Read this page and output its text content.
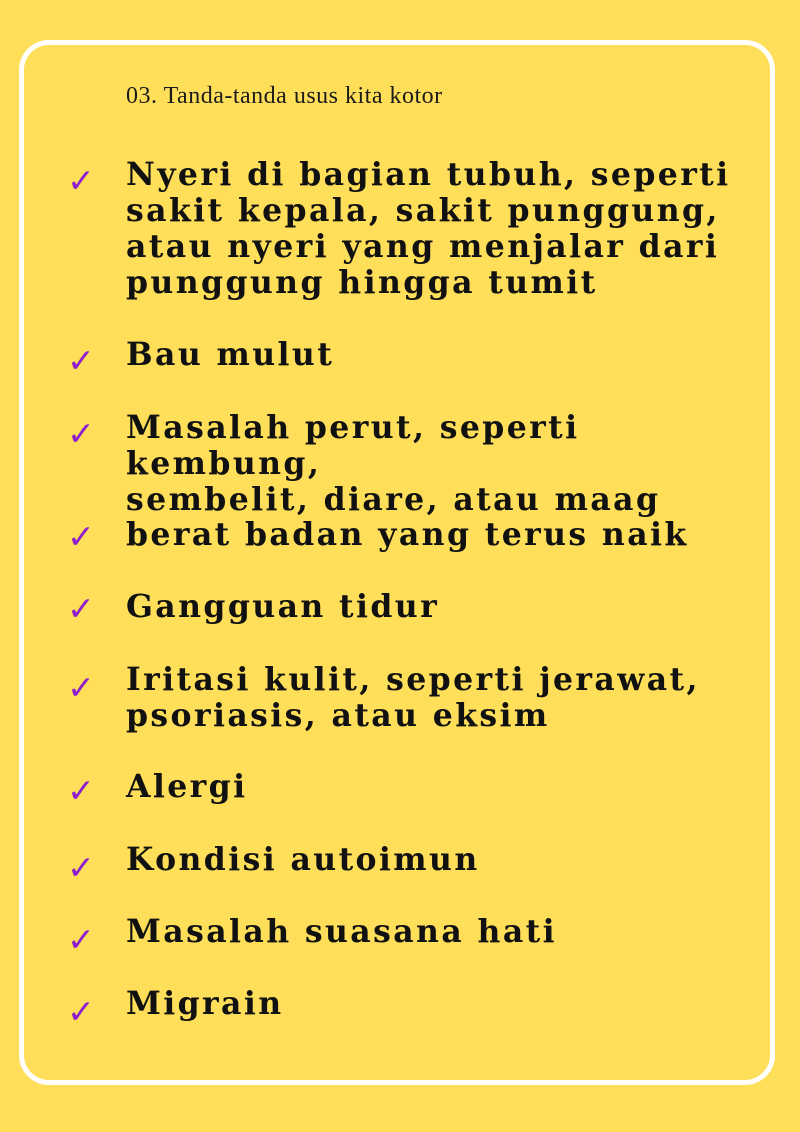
03. Tanda-tanda usus kita kotor
✓ Nyeri di bagian tubuh, seperti
sakit kepala, sakit punggung,
atau nyeri yang menjalar dari
punggung hingga tumit

✓ Bau mulut

✓ Masalah perut, seperti kembung,
sembelit, diare, atau maag

✓ berat badan yang terus naik

✓ Gangguan tidur

✓ Iritasi kulit, seperti jerawat,
psoriasis, atau eksim

✓ Alergi

✓ Kondisi autoimun

✓ Masalah suasana hati

✓ Migrain
